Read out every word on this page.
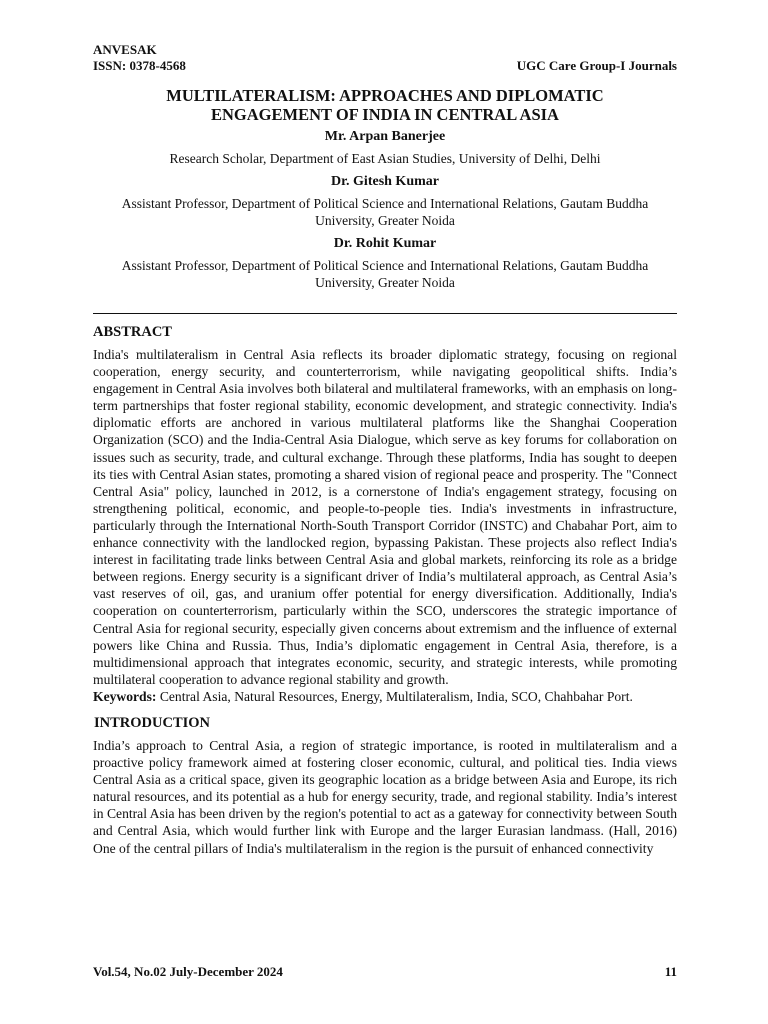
ANVESAK
ISSN: 0378-4568	UGC Care Group-I Journals
MULTILATERALISM: APPROACHES AND DIPLOMATIC
ENGAGEMENT OF INDIA IN CENTRAL ASIA
Mr. Arpan Banerjee
Research Scholar, Department of East Asian Studies, University of Delhi, Delhi
Dr. Gitesh Kumar
Assistant Professor, Department of Political Science and International Relations, Gautam Buddha University, Greater Noida
Dr. Rohit Kumar
Assistant Professor, Department of Political Science and International Relations, Gautam Buddha University, Greater Noida
ABSTRACT
India's multilateralism in Central Asia reflects its broader diplomatic strategy, focusing on regional cooperation, energy security, and counterterrorism, while navigating geopolitical shifts. India’s engagement in Central Asia involves both bilateral and multilateral frameworks, with an emphasis on long-term partnerships that foster regional stability, economic development, and strategic connectivity. India's diplomatic efforts are anchored in various multilateral platforms like the Shanghai Cooperation Organization (SCO) and the India-Central Asia Dialogue, which serve as key forums for collaboration on issues such as security, trade, and cultural exchange. Through these platforms, India has sought to deepen its ties with Central Asian states, promoting a shared vision of regional peace and prosperity. The "Connect Central Asia" policy, launched in 2012, is a cornerstone of India's engagement strategy, focusing on strengthening political, economic, and people-to-people ties. India's investments in infrastructure, particularly through the International North-South Transport Corridor (INSTC) and Chabahar Port, aim to enhance connectivity with the landlocked region, bypassing Pakistan. These projects also reflect India's interest in facilitating trade links between Central Asia and global markets, reinforcing its role as a bridge between regions. Energy security is a significant driver of India’s multilateral approach, as Central Asia’s vast reserves of oil, gas, and uranium offer potential for energy diversification. Additionally, India's cooperation on counterterrorism, particularly within the SCO, underscores the strategic importance of Central Asia for regional security, especially given concerns about extremism and the influence of external powers like China and Russia. Thus, India’s diplomatic engagement in Central Asia, therefore, is a multidimensional approach that integrates economic, security, and strategic interests, while promoting multilateral cooperation to advance regional stability and growth.
Keywords: Central Asia, Natural Resources, Energy, Multilateralism, India, SCO, Chahbahar Port.
INTRODUCTION
India’s approach to Central Asia, a region of strategic importance, is rooted in multilateralism and a proactive policy framework aimed at fostering closer economic, cultural, and political ties. India views Central Asia as a critical space, given its geographic location as a bridge between Asia and Europe, its rich natural resources, and its potential as a hub for energy security, trade, and regional stability. India’s interest in Central Asia has been driven by the region's potential to act as a gateway for connectivity between South and Central Asia, which would further link with Europe and the larger Eurasian landmass. (Hall, 2016) One of the central pillars of India's multilateralism in the region is the pursuit of enhanced connectivity
Vol.54, No.02 July-December 2024	11
